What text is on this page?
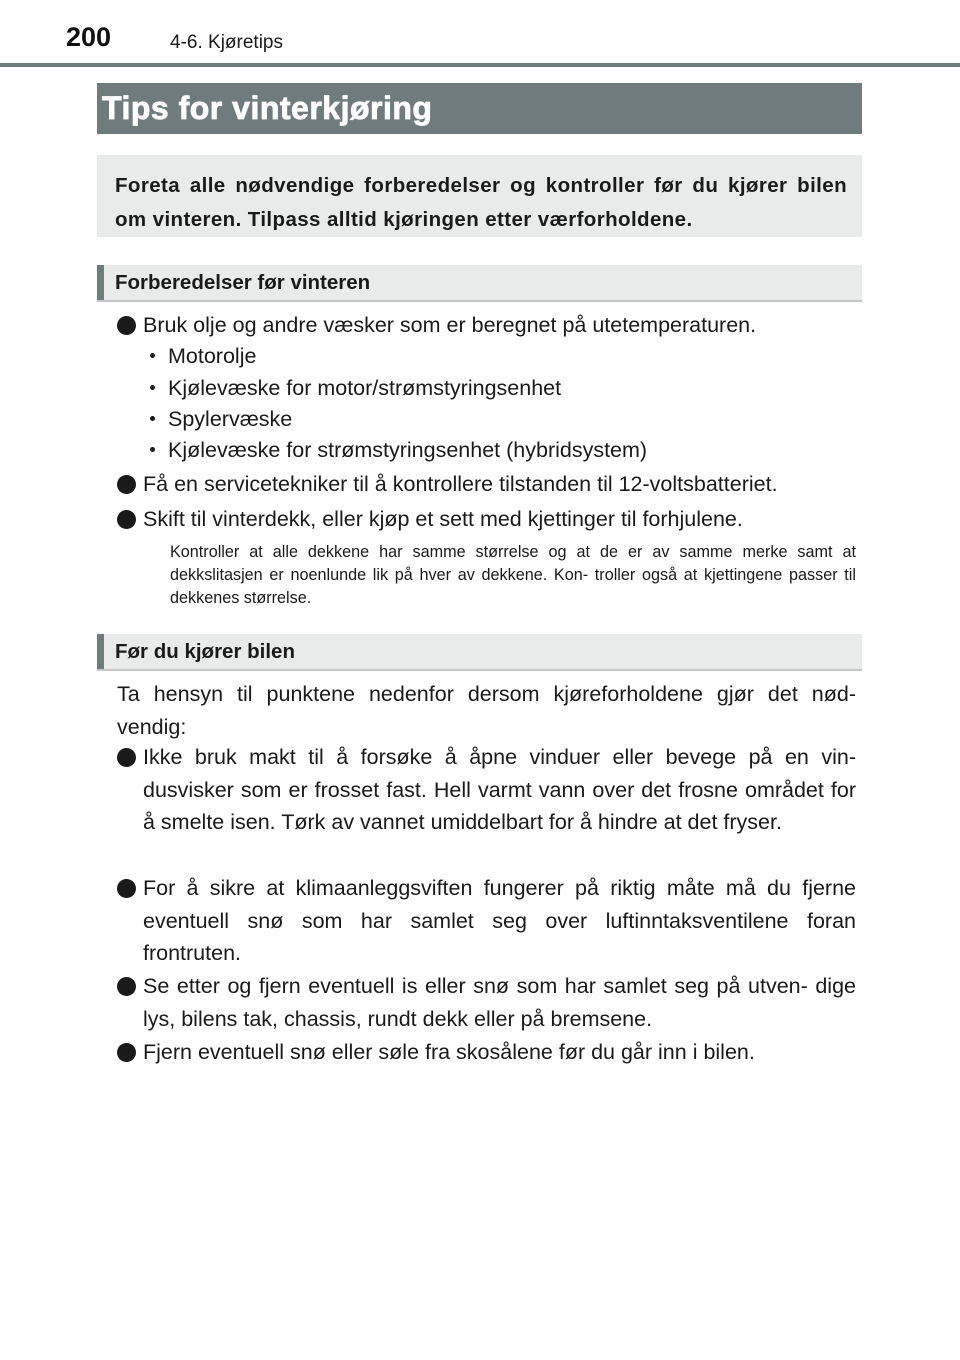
200	4-6. Kjøretips
Tips for vinterkjøring

Foreta alle nødvendige forberedelser og kontroller før du kjører bilen om vinteren. Tilpass alltid kjøringen etter værforholdene.

Forberedelser før vinteren
Bruk olje og andre væsker som er beregnet på utetemperaturen.
Motorolje
Kjølevæske for motor/strømstyringsenhet
Spylervæske
Kjølevæske for strømstyringsenhet (hybridsystem)
Få en servicetekniker til å kontrollere tilstanden til 12-voltsbatteriet.
Skift til vinterdekk, eller kjøp et sett med kjettinger til forhjulene.
Kontroller at alle dekkene har samme størrelse og at de er av samme merke samt at dekkslitasjen er noenlunde lik på hver av dekkene. Kon- troller også at kjettingene passer til dekkenes størrelse.
Før du kjører bilen
Ta hensyn til punktene nedenfor dersom kjøreforholdene gjør det nød- vendig:
Ikke bruk makt til å forsøke å åpne vinduer eller bevege på en vin- dusvisker som er frosset fast. Hell varmt vann over det frosne området for å smelte isen. Tørk av vannet umiddelbart for å hindre at det fryser.
For å sikre at klimaanleggsviften fungerer på riktig måte må du fjerne eventuell snø som har samlet seg over luftinntaksventilene foran frontruten.
Se etter og fjern eventuell is eller snø som har samlet seg på utven- dige lys, bilens tak, chassis, rundt dekk eller på bremsene.
Fjern eventuell snø eller søle fra skosålene før du går inn i bilen.
